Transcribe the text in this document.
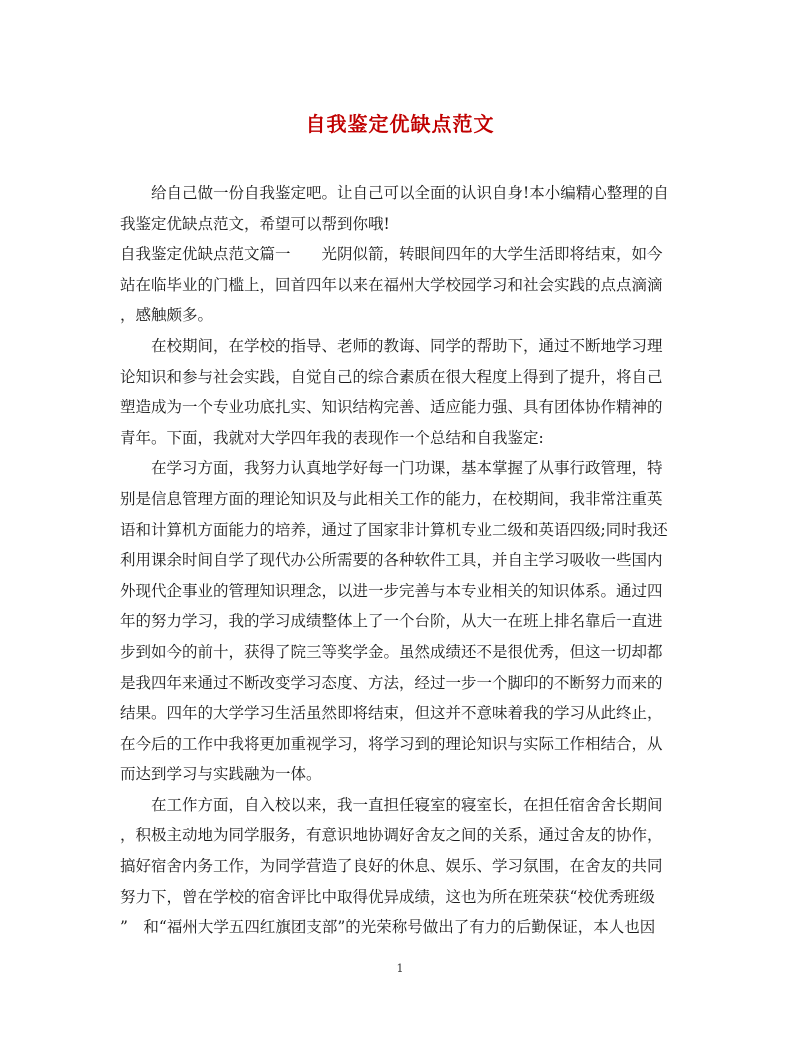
自我鉴定优缺点范文
给自己做一份自我鉴定吧。让自己可以全面的认识自身!本小编精心整理的自
我鉴定优缺点范文，希望可以帮到你哦!
自我鉴定优缺点范文篇一　　光阴似箭，转眼间四年的大学生活即将结束，如今
站在临毕业的门槛上，回首四年以来在福州大学校园学习和社会实践的点点滴滴
，感触颇多。
在校期间，在学校的指导、老师的教诲、同学的帮助下，通过不断地学习理
论知识和参与社会实践，自觉自己的综合素质在很大程度上得到了提升，将自己
塑造成为一个专业功底扎实、知识结构完善、适应能力强、具有团体协作精神的
青年。下面，我就对大学四年我的表现作一个总结和自我鉴定:
在学习方面，我努力认真地学好每一门功课，基本掌握了从事行政管理，特
别是信息管理方面的理论知识及与此相关工作的能力，在校期间，我非常注重英
语和计算机方面能力的培养，通过了国家非计算机专业二级和英语四级;同时我还
利用课余时间自学了现代办公所需要的各种软件工具，并自主学习吸收一些国内
外现代企事业的管理知识理念，以进一步完善与本专业相关的知识体系。通过四
年的努力学习，我的学习成绩整体上了一个台阶，从大一在班上排名靠后一直进
步到如今的前十，获得了院三等奖学金。虽然成绩还不是很优秀，但这一切却都
是我四年来通过不断改变学习态度、方法，经过一步一个脚印的不断努力而来的
结果。四年的大学学习生活虽然即将结束，但这并不意味着我的学习从此终止，
在今后的工作中我将更加重视学习，将学习到的理论知识与实际工作相结合，从
而达到学习与实践融为一体。
在工作方面，自入校以来，我一直担任寝室的寝室长，在担任宿舍舍长期间
，积极主动地为同学服务，有意识地协调好舍友之间的关系，通过舍友的协作，
搞好宿舍内务工作，为同学营造了良好的休息、娱乐、学习氛围，在舍友的共同
努力下，曾在学校的宿舍评比中取得优异成绩，这也为所在班荣获“校优秀班级
”　和“福州大学五四红旗团支部”的光荣称号做出了有力的后勤保证，本人也因
1
